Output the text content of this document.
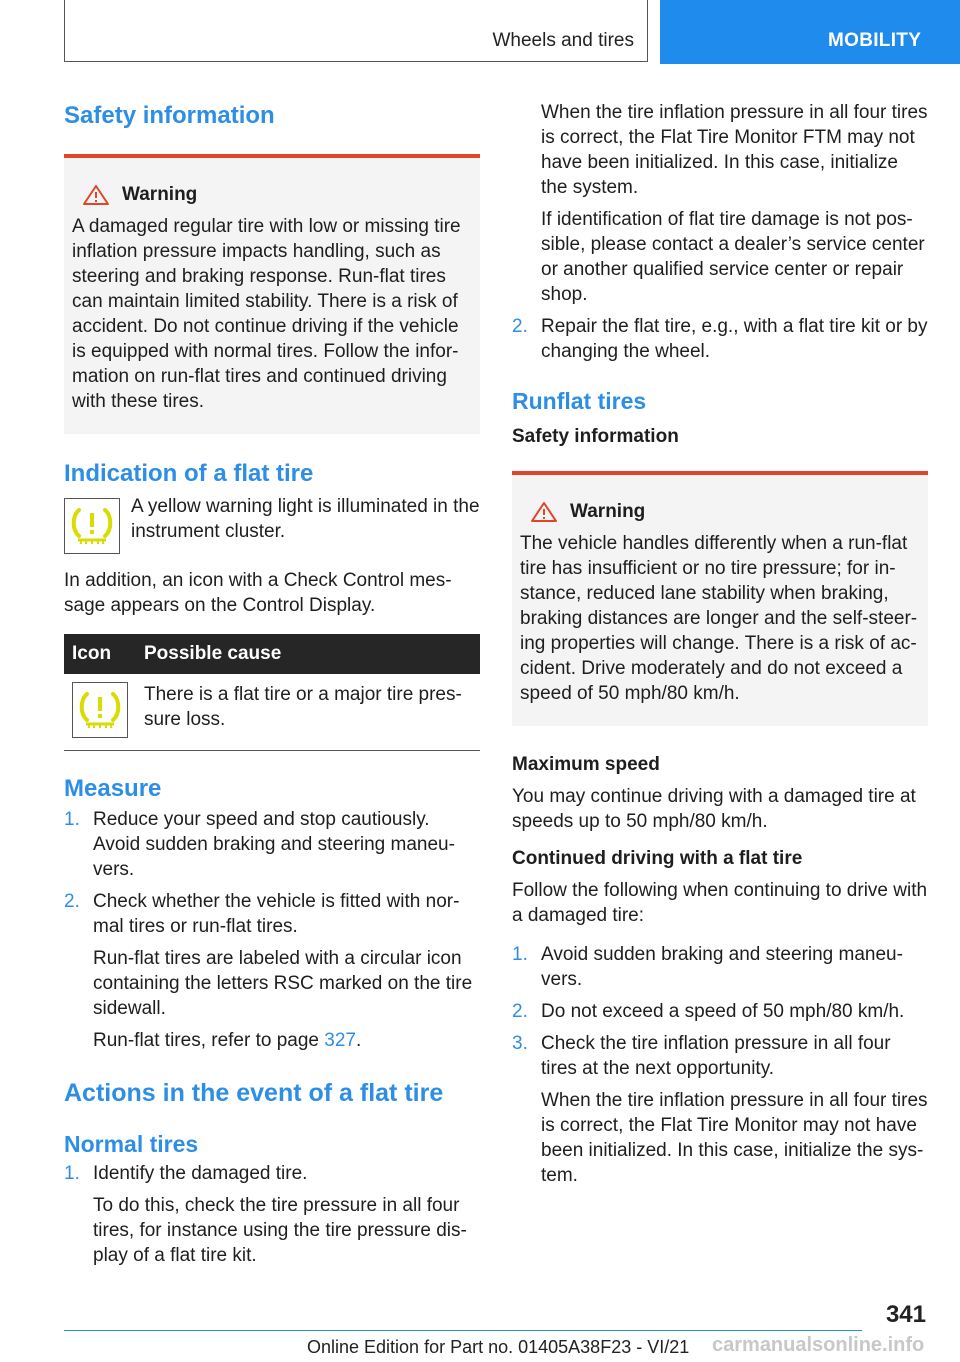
Wheels and tires	MOBILITY
Safety information
Warning

A damaged regular tire with low or missing tire inflation pressure impacts handling, such as steering and braking response. Run-flat tires can maintain limited stability. There is a risk of accident. Do not continue driving if the vehicle is equipped with normal tires. Follow the infor-mation on run-flat tires and continued driving with these tires.

Indication of a flat tire

A yellow warning light is illuminated in the instrument cluster.

In addition, an icon with a Check Control mes-sage appears on the Control Display.

Icon	Possible cause

	There is a flat tire or a major tire pres-sure loss.
Measure
1. Reduce your speed and stop cautiously. Avoid sudden braking and steering maneu-vers.
2. Check whether the vehicle is fitted with nor-mal tires or run-flat tires.
Run-flat tires are labeled with a circular icon containing the letters RSC marked on the tire sidewall.
Run-flat tires, refer to page 327.
Actions in the event of a flat tire
Normal tires
1. Identify the damaged tire.
To do this, check the tire pressure in all four tires, for instance using the tire pressure dis-play of a flat tire kit.
When the tire inflation pressure in all four tires is correct, the Flat Tire Monitor FTM may not have been initialized. In this case, initialize the system.
If identification of flat tire damage is not pos-sible, please contact a dealer’s service center or another qualified service center or repair shop.
2. Repair the flat tire, e.g., with a flat tire kit or by changing the wheel.
Runflat tires
Safety information
Warning

The vehicle handles differently when a run-flat tire has insufficient or no tire pressure; for in-stance, reduced lane stability when braking, braking distances are longer and the self-steer-ing properties will change. There is a risk of ac-cident. Drive moderately and do not exceed a speed of 50 mph/80 km/h.

Maximum speed

You may continue driving with a damaged tire at speeds up to 50 mph/80 km/h.

Continued driving with a flat tire

Follow the following when continuing to drive with a damaged tire:

1. Avoid sudden braking and steering maneu-vers.
2. Do not exceed a speed of 50 mph/80 km/h.
3. Check the tire inflation pressure in all four tires at the next opportunity.
When the tire inflation pressure in all four tires is correct, the Flat Tire Monitor may not have been initialized. In this case, initialize the sys-tem.
341
Online Edition for Part no. 01405A38F23 - VI/21 carmanualsonline.info
